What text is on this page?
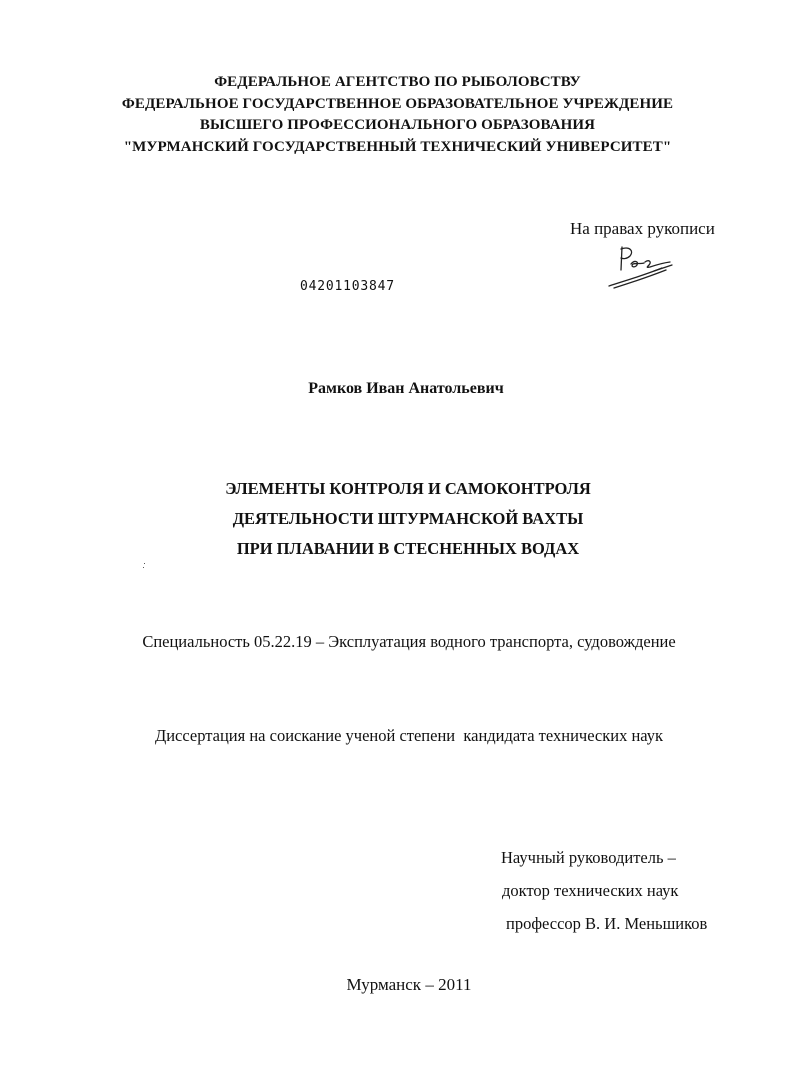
ФЕДЕРАЛЬНОЕ АГЕНТСТВО ПО РЫБОЛОВСТВУ
ФЕДЕРАЛЬНОЕ ГОСУДАРСТВЕННОЕ ОБРАЗОВАТЕЛЬНОЕ УЧРЕЖДЕНИЕ
ВЫСШЕГО ПРОФЕССИОНАЛЬНОГО ОБРАЗОВАНИЯ
"МУРМАНСКИЙ ГОСУДАРСТВЕННЫЙ ТЕХНИЧЕСКИЙ УНИВЕРСИТЕТ"
На правах рукописи
04201103847
Рамков Иван Анатольевич
ЭЛЕМЕНТЫ КОНТРОЛЯ И САМОКОНТРОЛЯ
ДЕЯТЕЛЬНОСТИ ШТУРМАНСКОЙ ВАХТЫ
ПРИ ПЛАВАНИИ В СТЕСНЕННЫХ ВОДАХ
Специальность 05.22.19 – Эксплуатация водного транспорта, судовождение
Диссертация на соискание ученой степени  кандидата технических наук
Научный руководитель –
доктор технических наук
профессор В. И. Меньшиков
Мурманск – 2011
